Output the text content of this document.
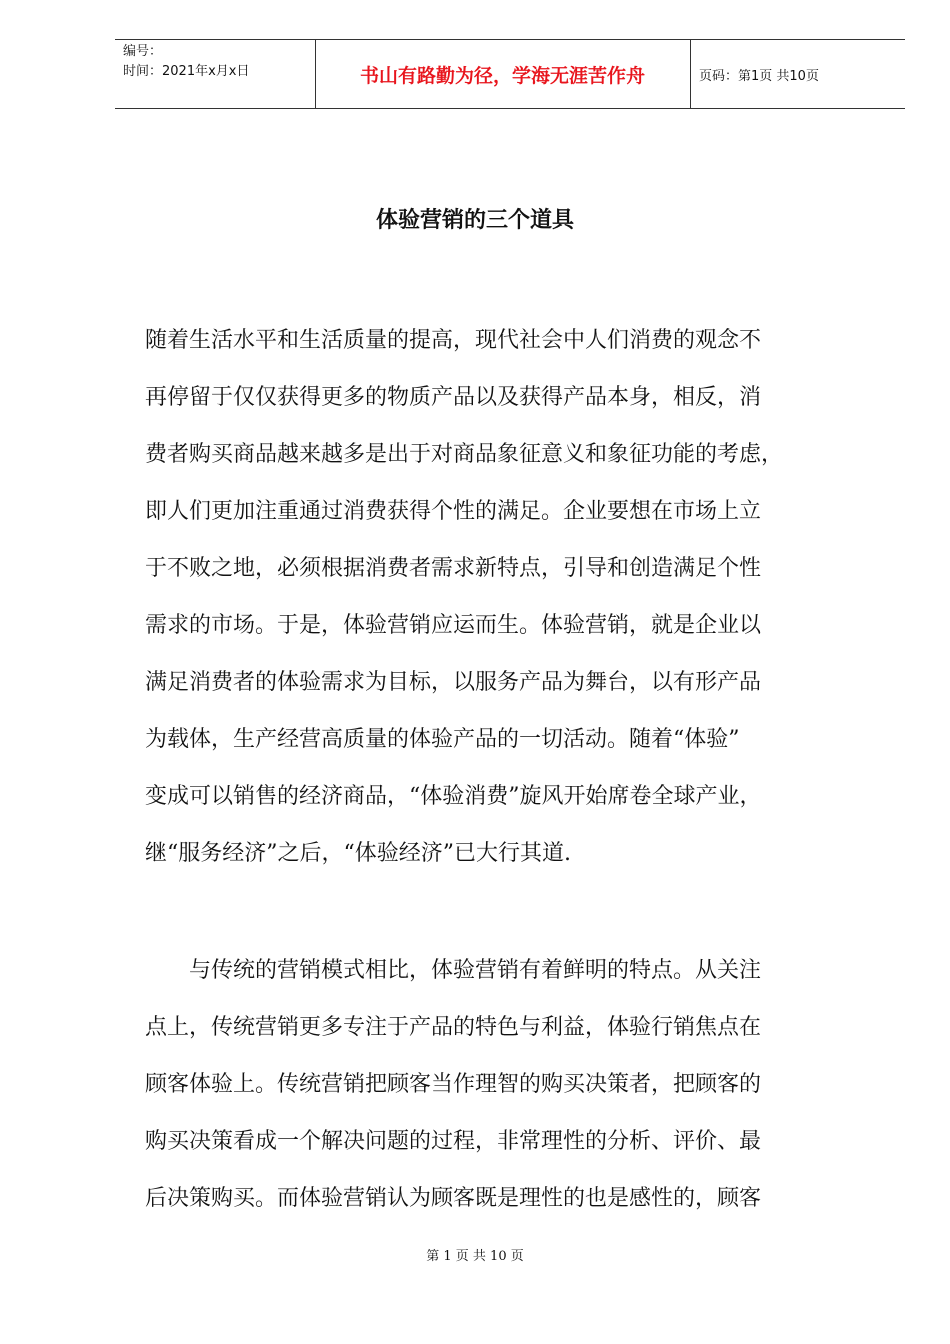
编号：
时间：2021年x月x日	书山有路勤为径，学海无涯苦作舟	页码：第1页 共10页
体验营销的三个道具
随着生活水平和生活质量的提高，现代社会中人们消费的观念不
再停留于仅仅获得更多的物质产品以及获得产品本身，相反，消
费者购买商品越来越多是出于对商品象征意义和象征功能的考虑，
即人们更加注重通过消费获得个性的满足。企业要想在市场上立
于不败之地，必须根据消费者需求新特点，引导和创造满足个性
需求的市场。于是，体验营销应运而生。体验营销，就是企业以
满足消费者的体验需求为目标，以服务产品为舞台，以有形产品
为载体，生产经营高质量的体验产品的一切活动。随着“体验”
变成可以销售的经济商品，“体验消费”旋风开始席卷全球产业，
继“服务经济”之后，“体验经济”已大行其道.
　　与传统的营销模式相比，体验营销有着鲜明的特点。从关注
点上，传统营销更多专注于产品的特色与利益，体验行销焦点在
顾客体验上。传统营销把顾客当作理智的购买决策者，把顾客的
购买决策看成一个解决问题的过程，非常理性的分析、评价、最
后决策购买。而体验营销认为顾客既是理性的也是感性的，顾客
第 1 页 共 10 页
